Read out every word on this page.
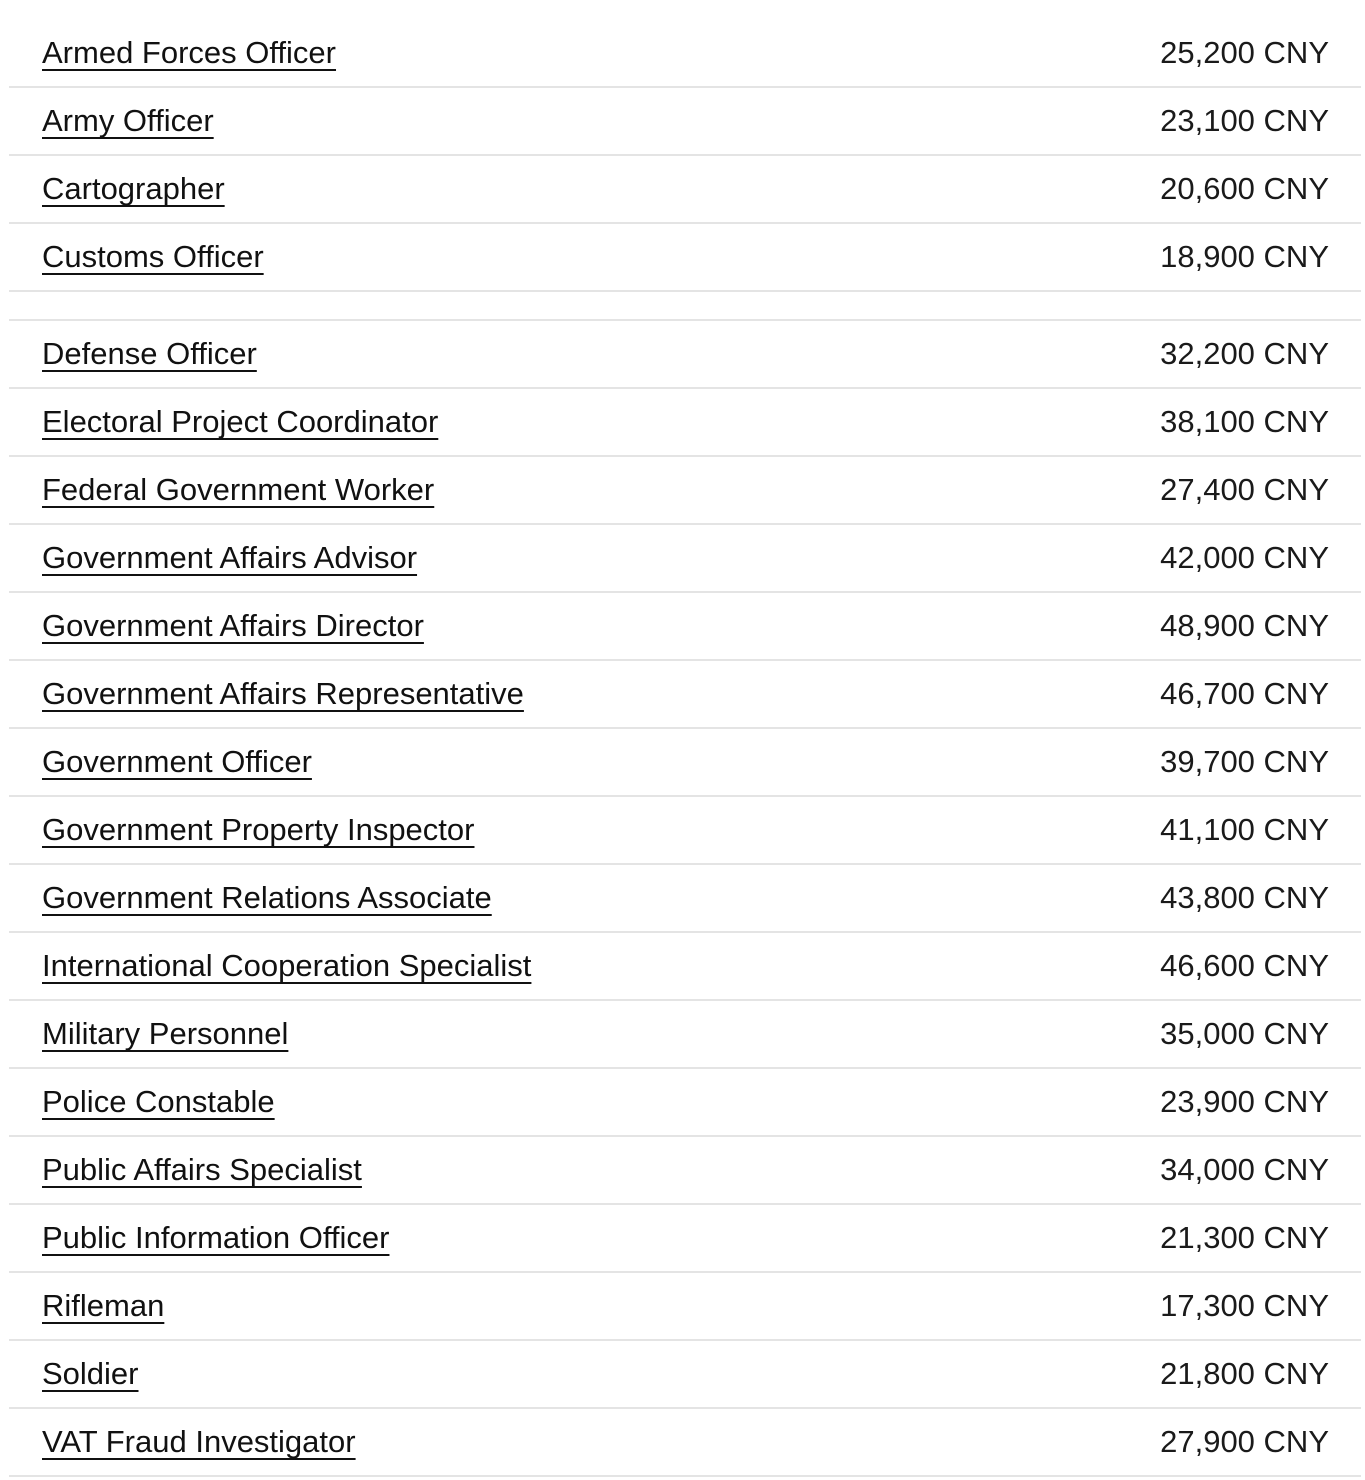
Armed Forces Officer	25,200 CNY
Army Officer	23,100 CNY
Cartographer	20,600 CNY
Customs Officer	18,900 CNY
Defense Officer	32,200 CNY
Electoral Project Coordinator	38,100 CNY
Federal Government Worker	27,400 CNY
Government Affairs Advisor	42,000 CNY
Government Affairs Director	48,900 CNY
Government Affairs Representative	46,700 CNY
Government Officer	39,700 CNY
Government Property Inspector	41,100 CNY
Government Relations Associate	43,800 CNY
International Cooperation Specialist	46,600 CNY
Military Personnel	35,000 CNY
Police Constable	23,900 CNY
Public Affairs Specialist	34,000 CNY
Public Information Officer	21,300 CNY
Rifleman	17,300 CNY
Soldier	21,800 CNY
VAT Fraud Investigator	27,900 CNY
